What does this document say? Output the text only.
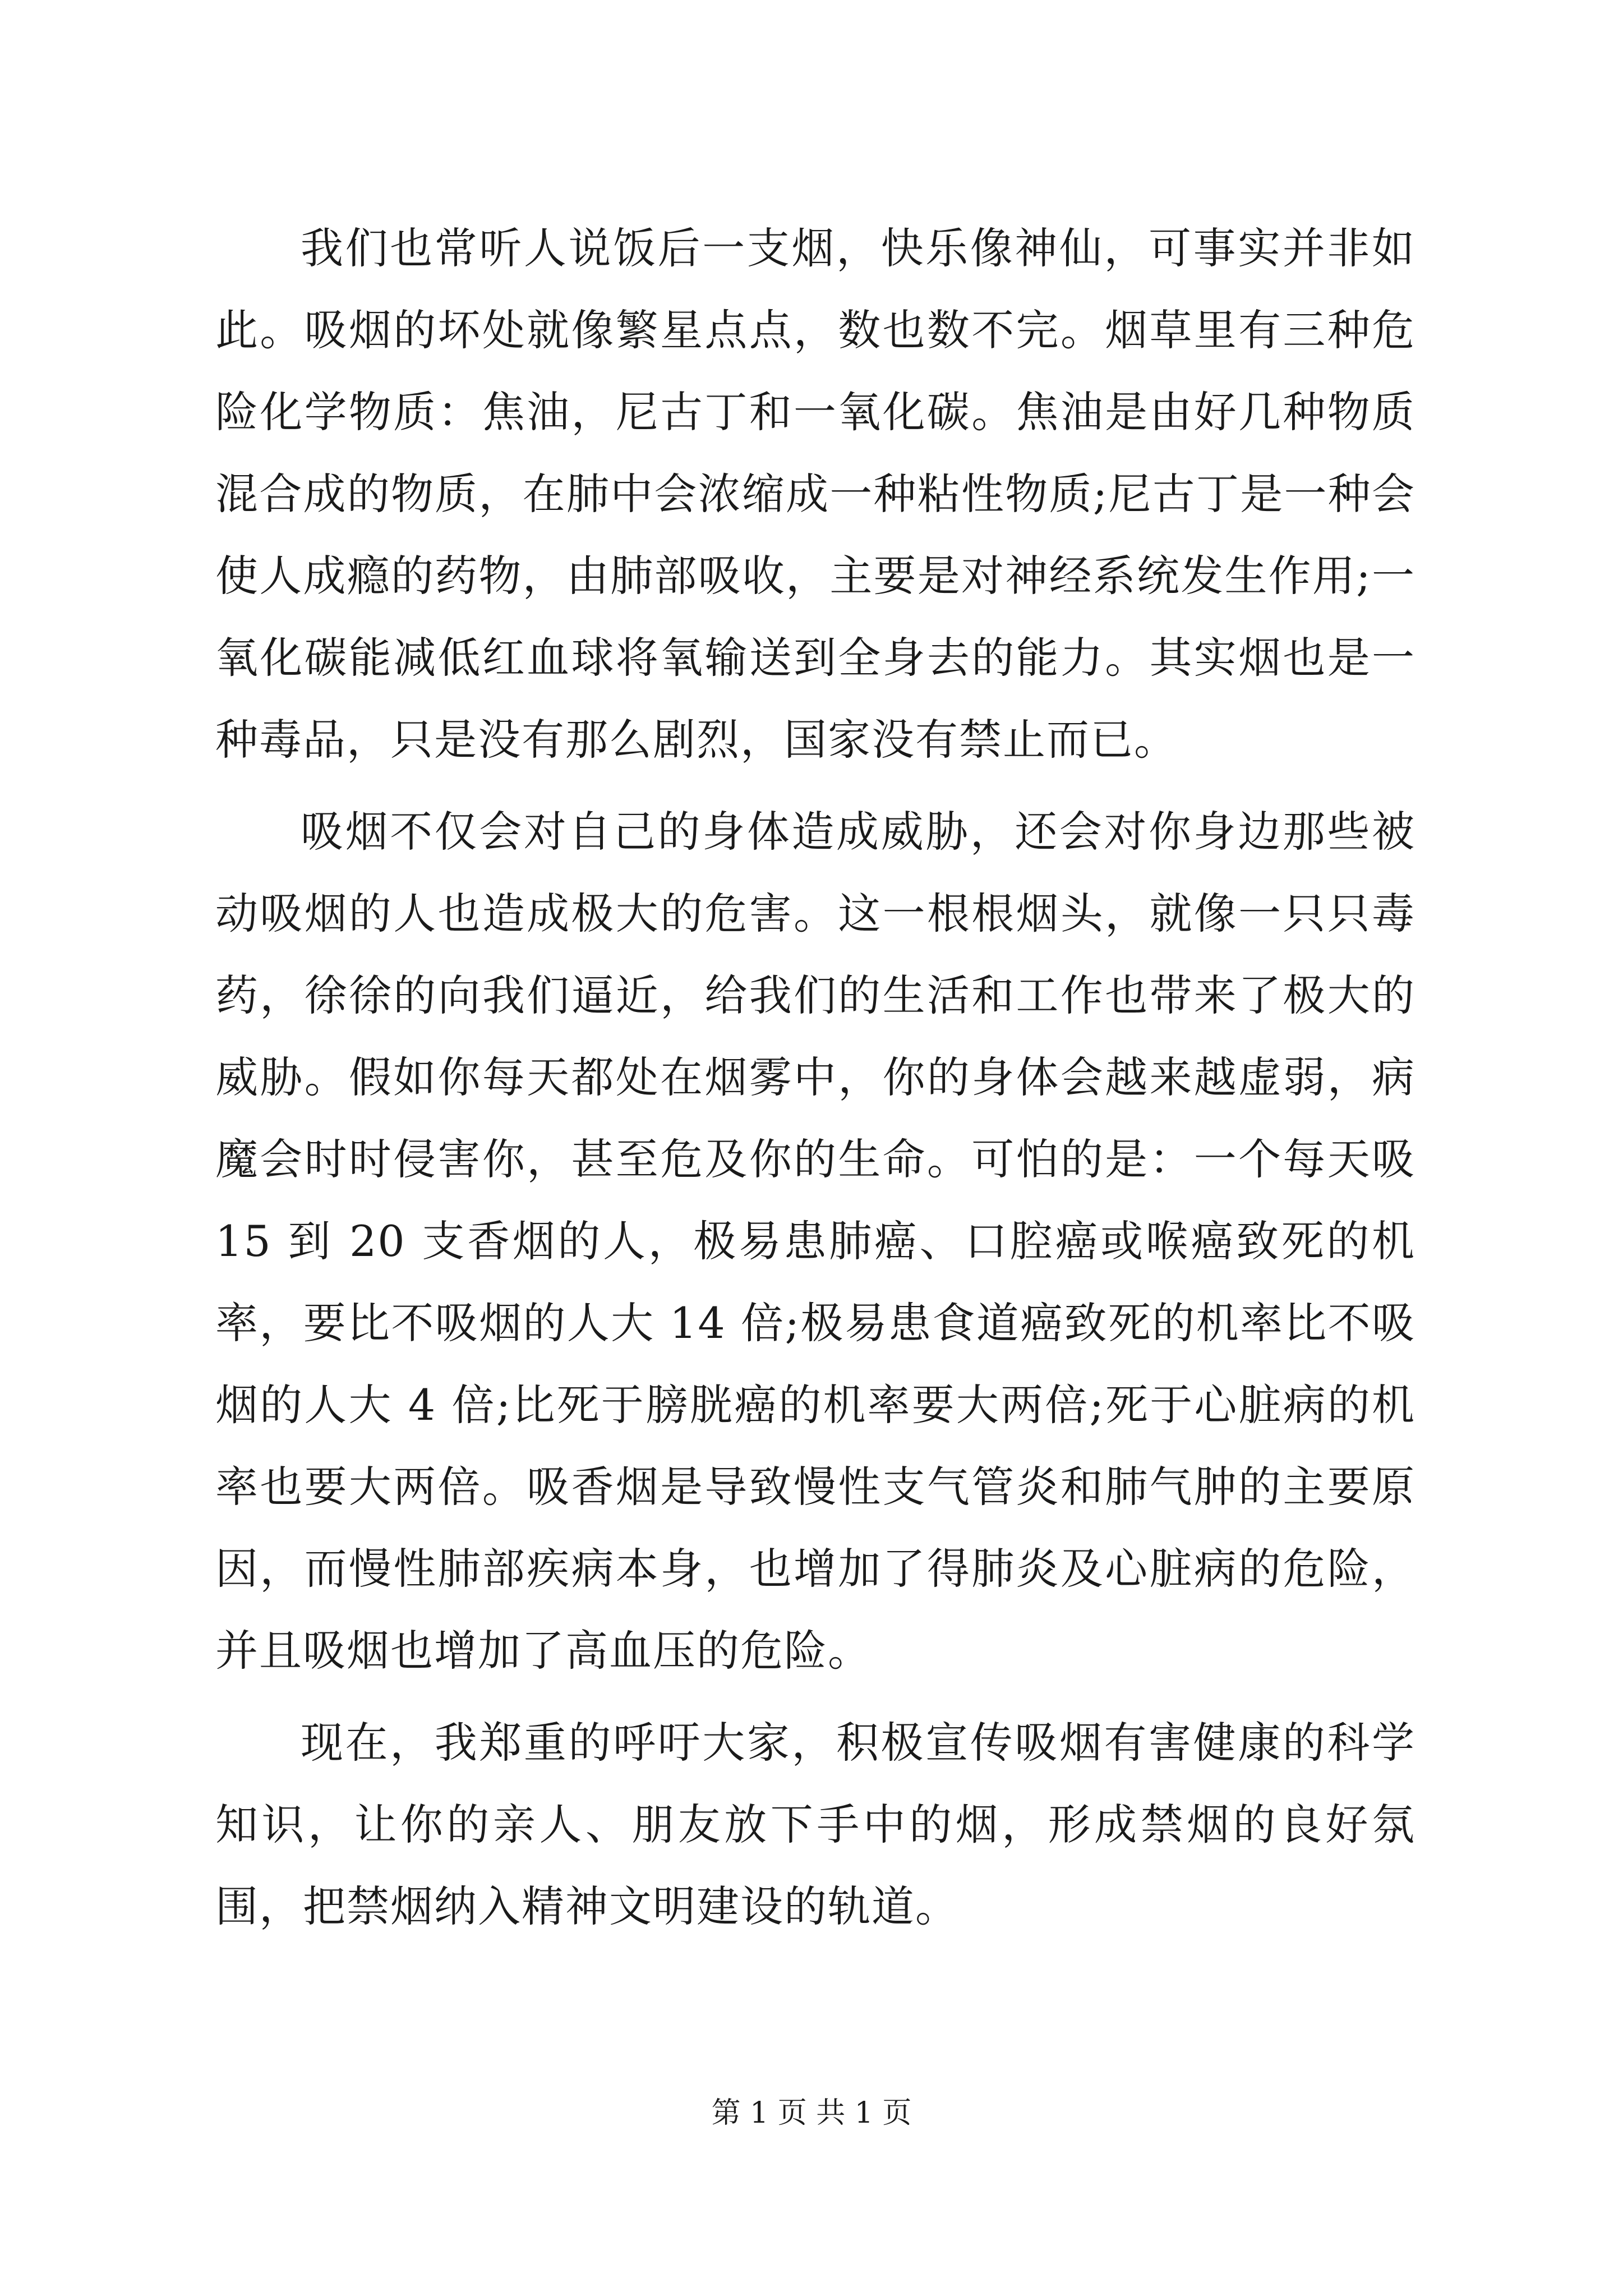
我们也常听人说饭后一支烟，快乐像神仙，可事实并非如此。吸烟的坏处就像繁星点点，数也数不完。烟草里有三种危险化学物质：焦油，尼古丁和一氧化碳。焦油是由好几种物质混合成的物质，在肺中会浓缩成一种粘性物质;尼古丁是一种会使人成瘾的药物，由肺部吸收，主要是对神经系统发生作用;一氧化碳能减低红血球将氧输送到全身去的能力。其实烟也是一种毒品，只是没有那么剧烈，国家没有禁止而已。

吸烟不仅会对自己的身体造成威胁，还会对你身边那些被动吸烟的人也造成极大的危害。这一根根烟头，就像一只只毒药，徐徐的向我们逼近，给我们的生活和工作也带来了极大的威胁。假如你每天都处在烟雾中，你的身体会越来越虚弱，病魔会时时侵害你，甚至危及你的生命。可怕的是：一个每天吸 15 到 20 支香烟的人，极易患肺癌、口腔癌或喉癌致死的机率，要比不吸烟的人大 14 倍;极易患食道癌致死的机率比不吸烟的人大 4 倍;比死于膀胱癌的机率要大两倍;死于心脏病的机率也要大两倍。吸香烟是导致慢性支气管炎和肺气肿的主要原因，而慢性肺部疾病本身，也增加了得肺炎及心脏病的危险，并且吸烟也增加了高血压的危险。

现在，我郑重的呼吁大家，积极宣传吸烟有害健康的科学知识，让你的亲人、朋友放下手中的烟，形成禁烟的良好氛围，把禁烟纳入精神文明建设的轨道。

第 1 页 共 1 页
